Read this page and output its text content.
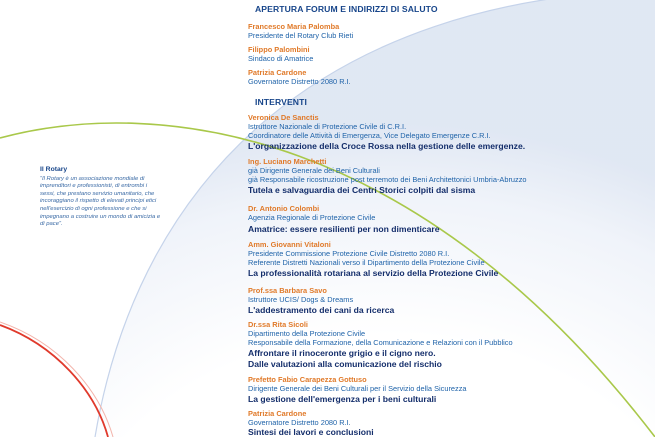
APERTURA FORUM E INDIRIZZI DI SALUTO
Francesco Maria Palomba
Presidente del Rotary Club Rieti
Filippo Palombini
Sindaco di Amatrice
Patrizia Cardone
Governatore Distretto 2080 R.I.
INTERVENTI
Veronica De Sanctis
Istruttore Nazionale di Protezione Civile di C.R.I.
Coordinatore delle Attività di Emergenza, Vice Delegato Emergenze C.R.I.
L'organizzazione della Croce Rossa nella gestione delle emergenze.
Ing. Luciano Marchetti
già Dirigente Generale dei Beni Culturali
già Responsabile ricostruzione post terremoto dei Beni Architettonici Umbria-Abruzzo
Tutela e salvaguardia dei Centri Storici colpiti dal sisma
Dr. Antonio Colombi
Agenzia Regionale di Protezione Civile
Amatrice: essere resilienti per non dimenticare
Amm. Giovanni Vitaloni
Presidente Commissione Protezione Civile Distretto 2080 R.I.
Referente Distretti Nazionali verso il Dipartimento della Protezione Civile
La professionalità rotariana al servizio della Protezione Civile
Prof.ssa Barbara Savo
Istruttore UCIS/ Dogs & Dreams
L'addestramento dei cani da ricerca
Dr.ssa Rita Sicoli
Dipartimento della Protezione Civile
Responsabile della Formazione, della Comunicazione e Relazioni con il Pubblico
Affrontare il rinoceronte grigio e il cigno nero.
Dalle valutazioni alla comunicazione del rischio
Prefetto Fabio Carapezza Gottuso
Dirigente Generale dei Beni Culturali per il Servizio della Sicurezza
La gestione dell'emergenza per i beni culturali
Patrizia Cardone
Governatore Distretto 2080 R.I.
Sintesi dei lavori e conclusioni
Il Rotary
“Il Rotary è un associazione mondiale di
imprenditori e professionisti, di entrombi i
sessi, che prestano servizio umanitario, che
incoraggiano il rispetto di elevati principi etici
nell'esercizio di ogni professione e che si
impegnano a costruire un mondo di amicizia e
di pace”.
